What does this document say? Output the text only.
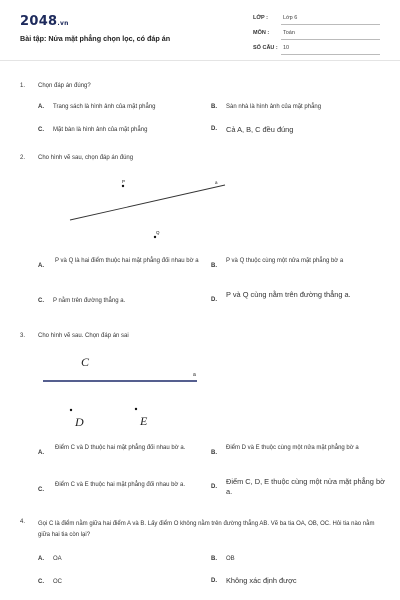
2048.vn
Bài tập: Nửa mặt phẳng chọn lọc, có đáp án
LỚP :	Lớp 6
MÔN :	Toán
SỐ CÂU : 10
1. Chọn đáp án đúng?
A. Trang sách là hình ảnh của mặt phẳng	B. Sàn nhà là hình ảnh của mặt phẳng
C. Mặt bàn là hình ảnh của mặt phẳng	D. Cả A, B, C đều đúng
2. Cho hình vẽ sau, chọn đáp án đúng
P	a
Q
A.
P và Q là hai điểm thuộc hai mặt phẳng đối nhau bờ a
B.
P và Q thuộc cùng một nửa mặt phẳng bờ a
C. P nằm trên đường thẳng a.	D.
P và Q cùng nằm trên đường thẳng a.
3. Cho hình vẽ sau. Chọn đáp án sai
C
a
D	E
A.
Điểm C và D thuộc hai mặt phẳng đối nhau bờ a.
B.
Điểm D và E thuộc cùng một nửa mặt phẳng bờ a
C.
Điểm C và E thuộc hai mặt phẳng đối nhau bờ a.	D.
Điểm C, D, E thuộc cùng một nửa mặt phẳng bờ a.
4.	Gọi C là điểm nằm giữa hai điểm A và B. Lấy điểm O không nằm trên đường thẳng AB. Vẽ ba tia OA, OB, OC. Hỏi tia nào nằm giữa hai tia còn lại?
A. OA	B. OB
C. OC	D. Không xác định được
